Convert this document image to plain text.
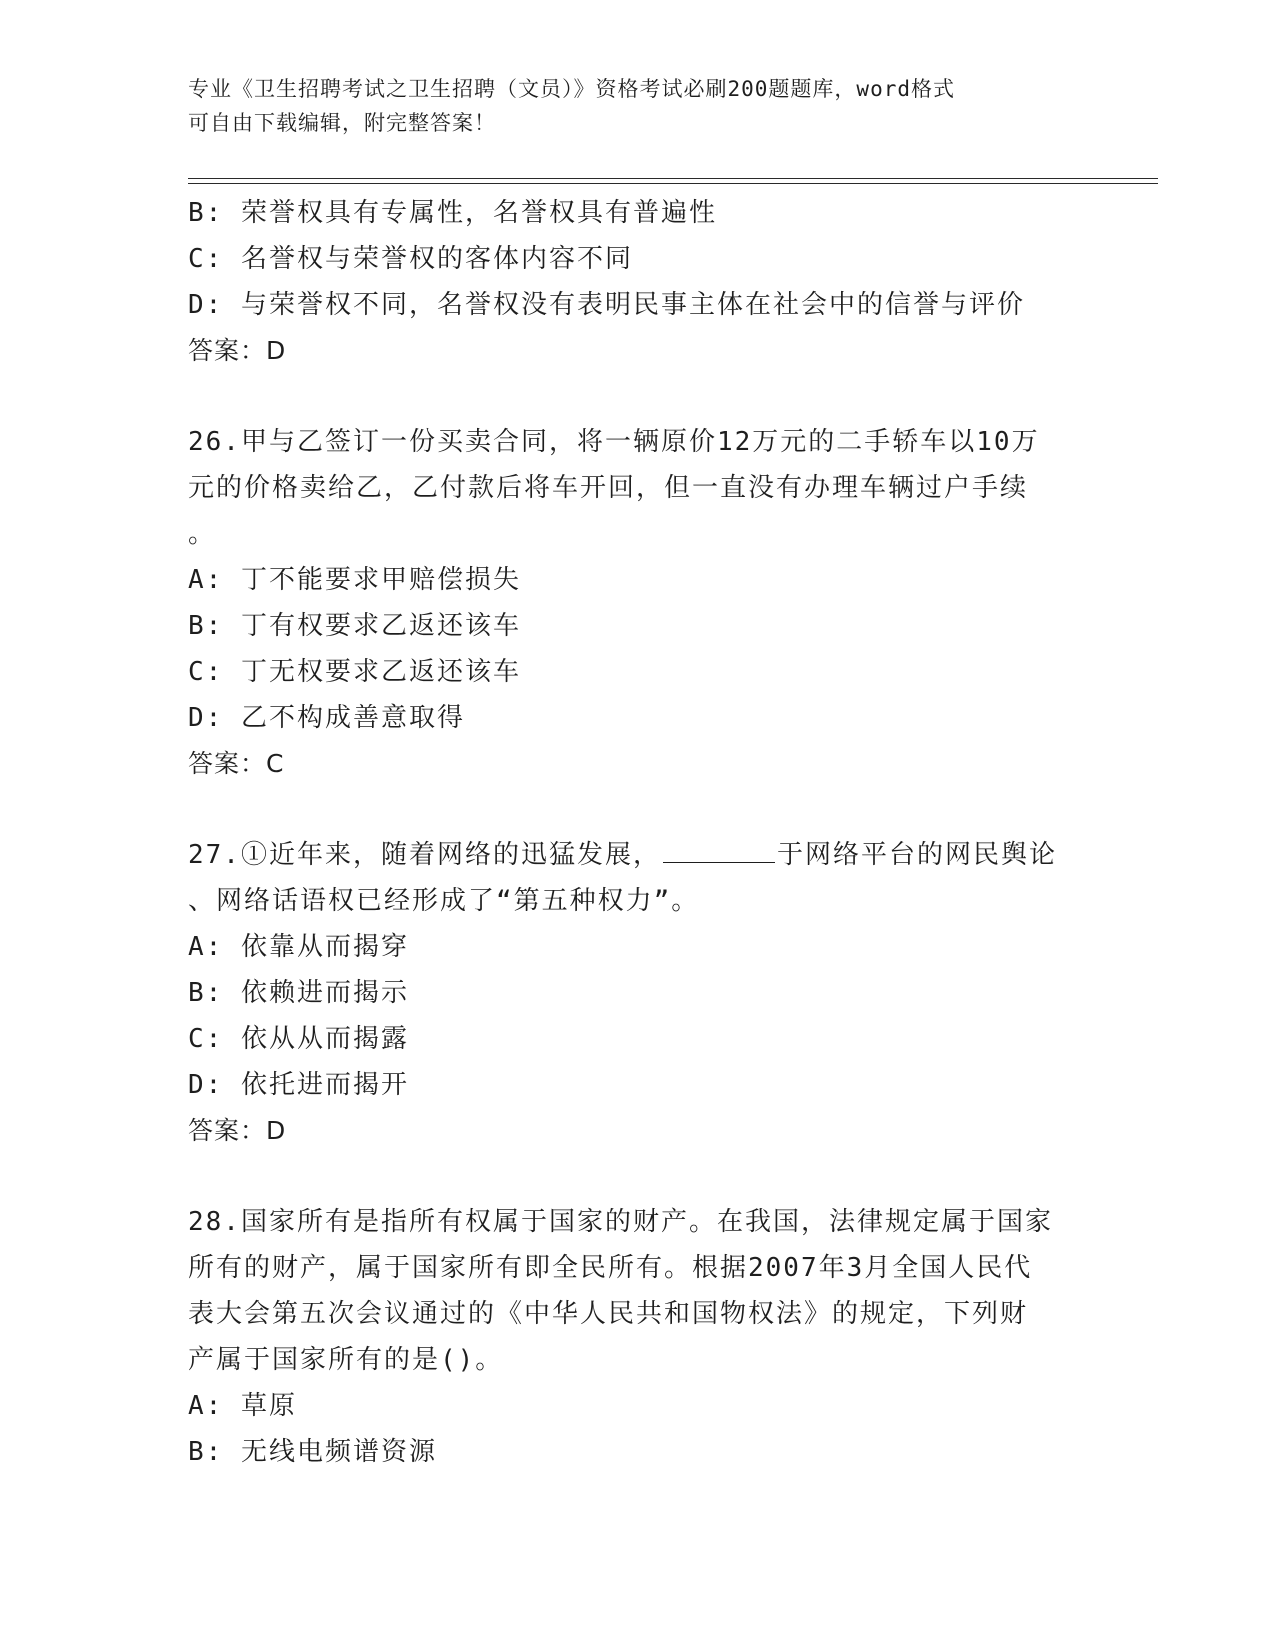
专业《卫生招聘考试之卫生招聘（文员）》资格考试必刷200题题库，word格式
可自由下载编辑，附完整答案！
B: 荣誉权具有专属性，名誉权具有普遍性
C: 名誉权与荣誉权的客体内容不同
D: 与荣誉权不同，名誉权没有表明民事主体在社会中的信誉与评价
答案：D
26.甲与乙签订一份买卖合同，将一辆原价12万元的二手轿车以10万
元的价格卖给乙，乙付款后将车开回，但一直没有办理车辆过户手续
。
A: 丁不能要求甲赔偿损失
B: 丁有权要求乙返还该车
C: 丁无权要求乙返还该车
D: 乙不构成善意取得
答案：C
27.①近年来，随着网络的迅猛发展，	于网络平台的网民舆论
、网络话语权已经形成了“第五种权力”。
A: 依靠从而揭穿
B: 依赖进而揭示
C: 依从从而揭露
D: 依托进而揭开
答案：D
28.国家所有是指所有权属于国家的财产。在我国，法律规定属于国家
所有的财产，属于国家所有即全民所有。根据2007年3月全国人民代
表大会第五次会议通过的《中华人民共和国物权法》的规定，下列财
产属于国家所有的是()。
A: 草原
B: 无线电频谱资源
